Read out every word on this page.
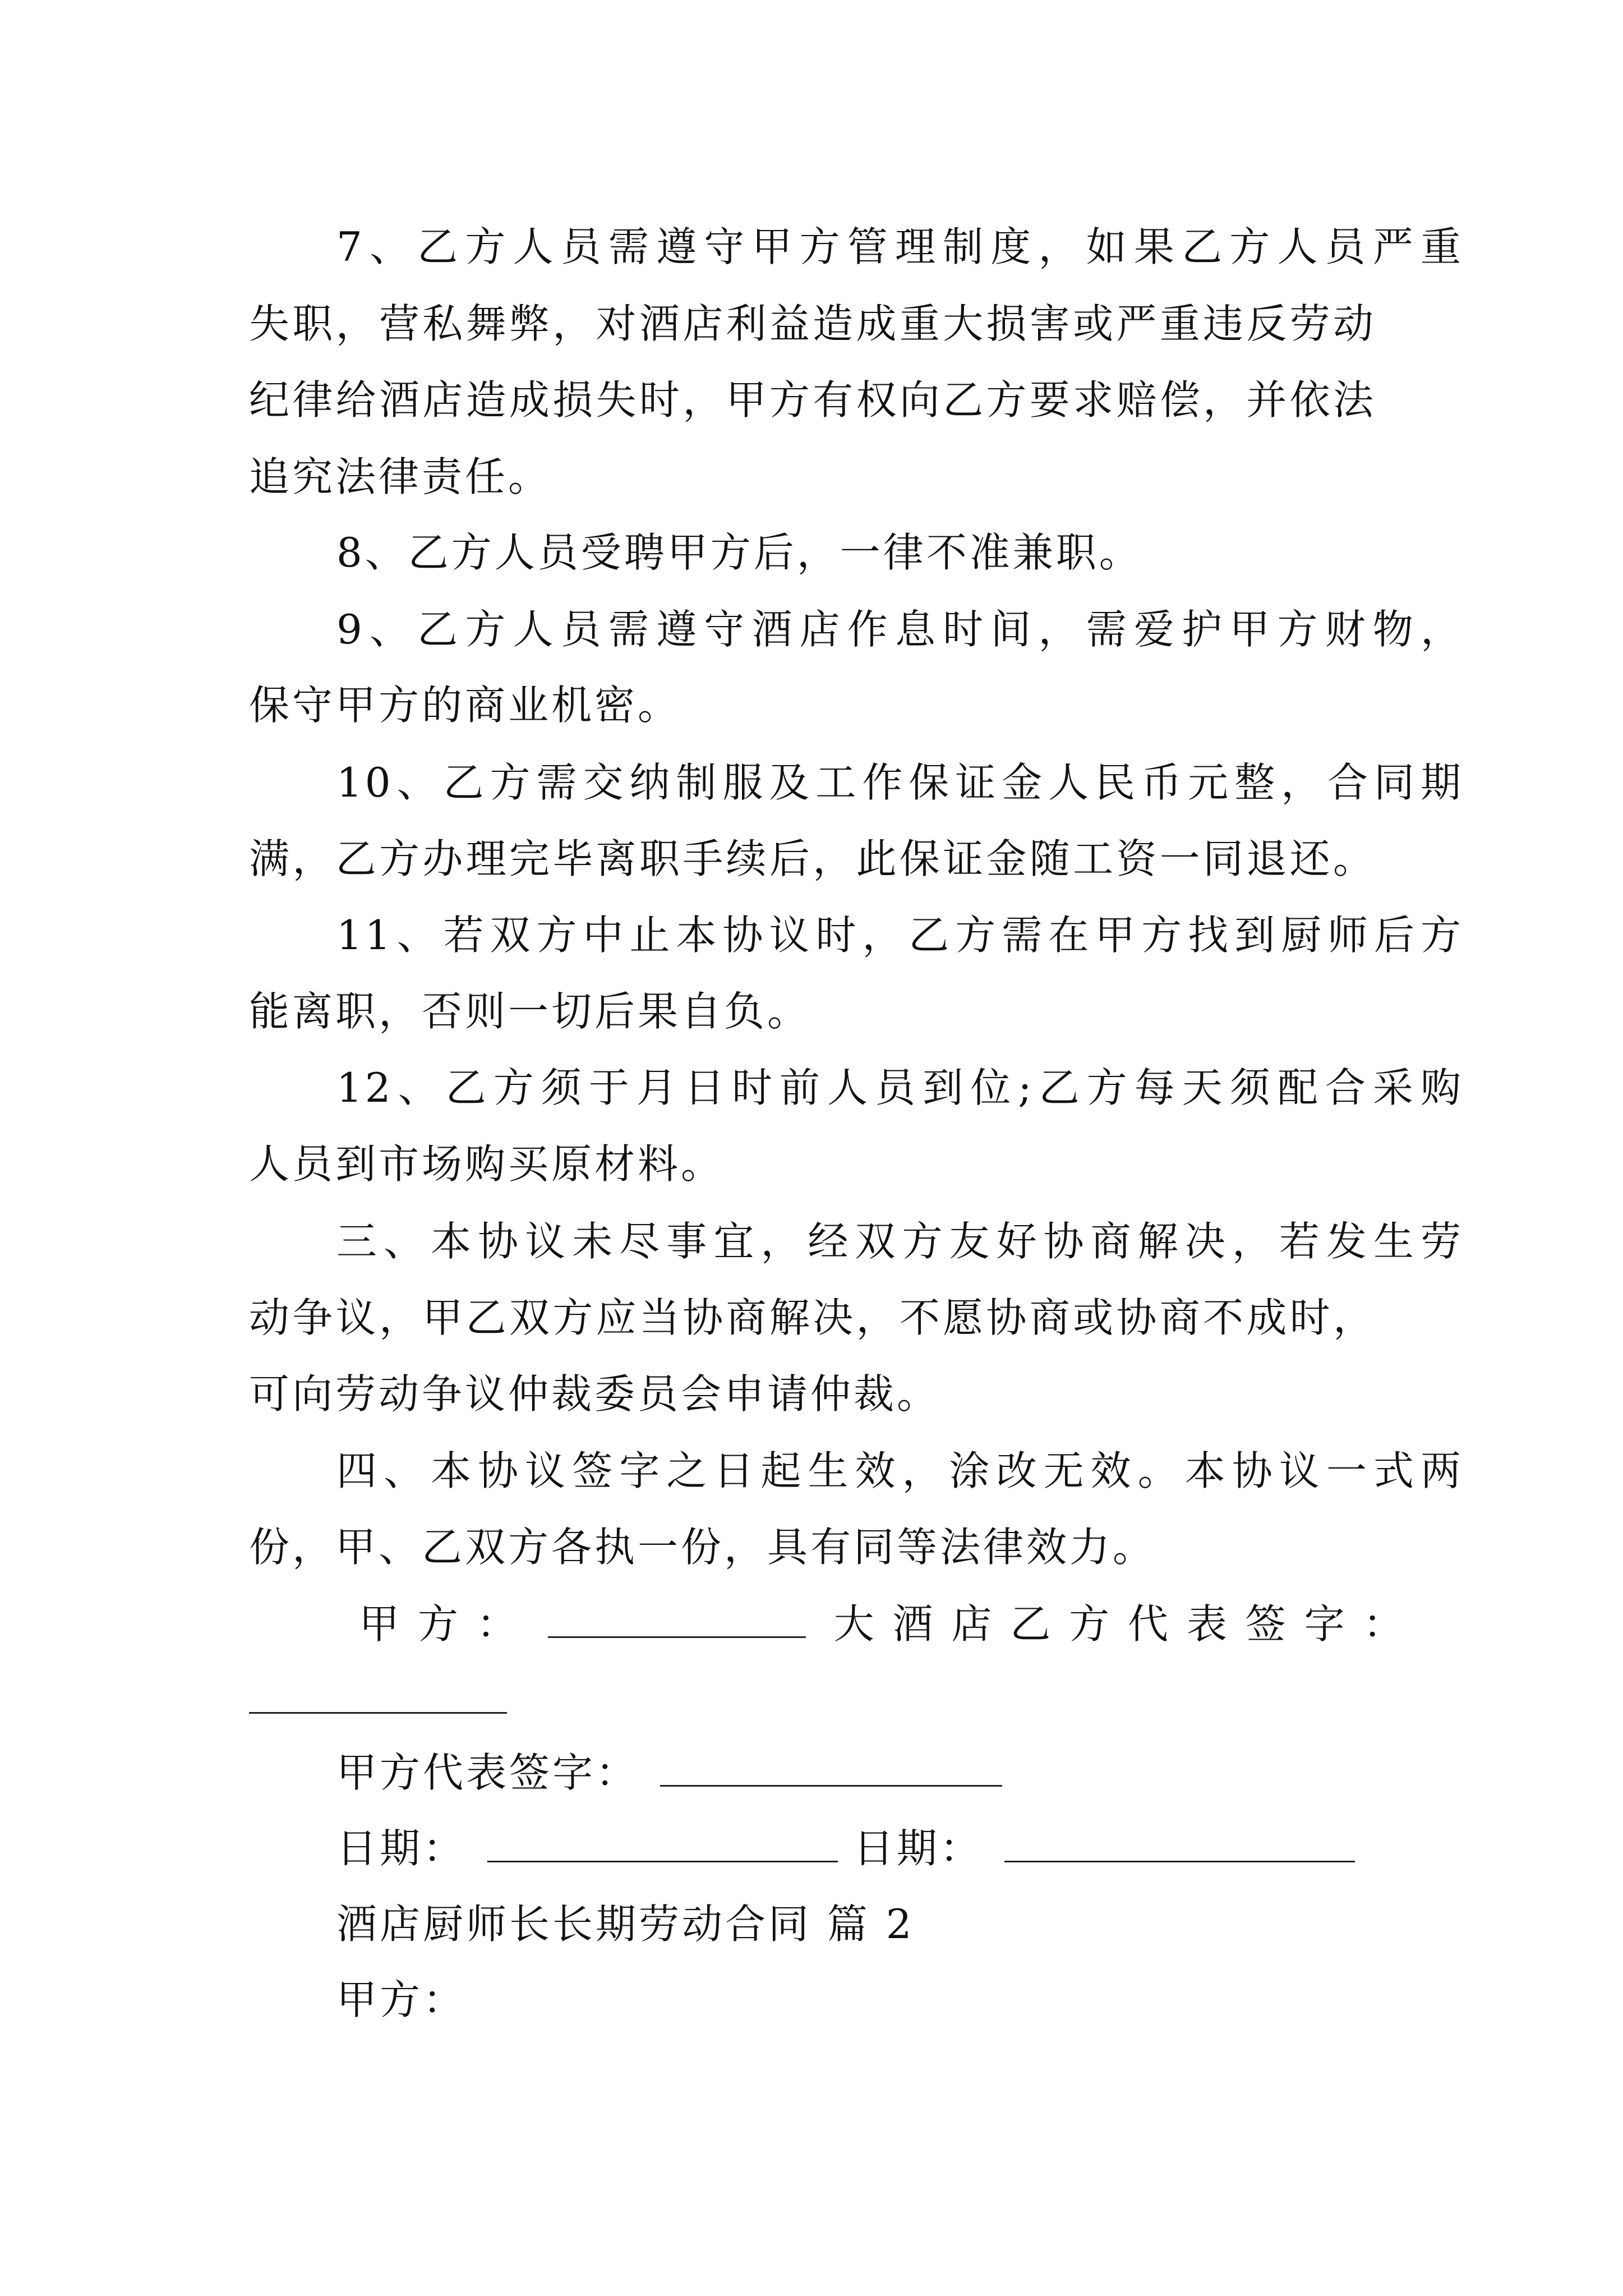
7、乙方人员需遵守甲方管理制度，如果乙方人员严重
失职，营私舞弊，对酒店利益造成重大损害或严重违反劳动
纪律给酒店造成损失时，甲方有权向乙方要求赔偿，并依法
追究法律责任。
8、乙方人员受聘甲方后，一律不准兼职。
9、乙方人员需遵守酒店作息时间，需爱护甲方财物，
保守甲方的商业机密。
10、乙方需交纳制服及工作保证金人民币元整，合同期
满，乙方办理完毕离职手续后，此保证金随工资一同退还。
11、若双方中止本协议时，乙方需在甲方找到厨师后方
能离职，否则一切后果自负。
12、乙方须于月日时前人员到位;乙方每天须配合采购
人员到市场购买原材料。
三、本协议未尽事宜，经双方友好协商解决，若发生劳
动争议，甲乙双方应当协商解决，不愿协商或协商不成时，
可向劳动争议仲裁委员会申请仲裁。
四、本协议签字之日起生效，涂改无效。本协议一式两
份，甲、乙双方各执一份，具有同等法律效力。
甲 方 ：	大 酒 店 乙 方 代 表 签 字 ：
甲方代表签字：
日期：	日期：
酒店厨师长长期劳动合同 篇 2
甲方：
